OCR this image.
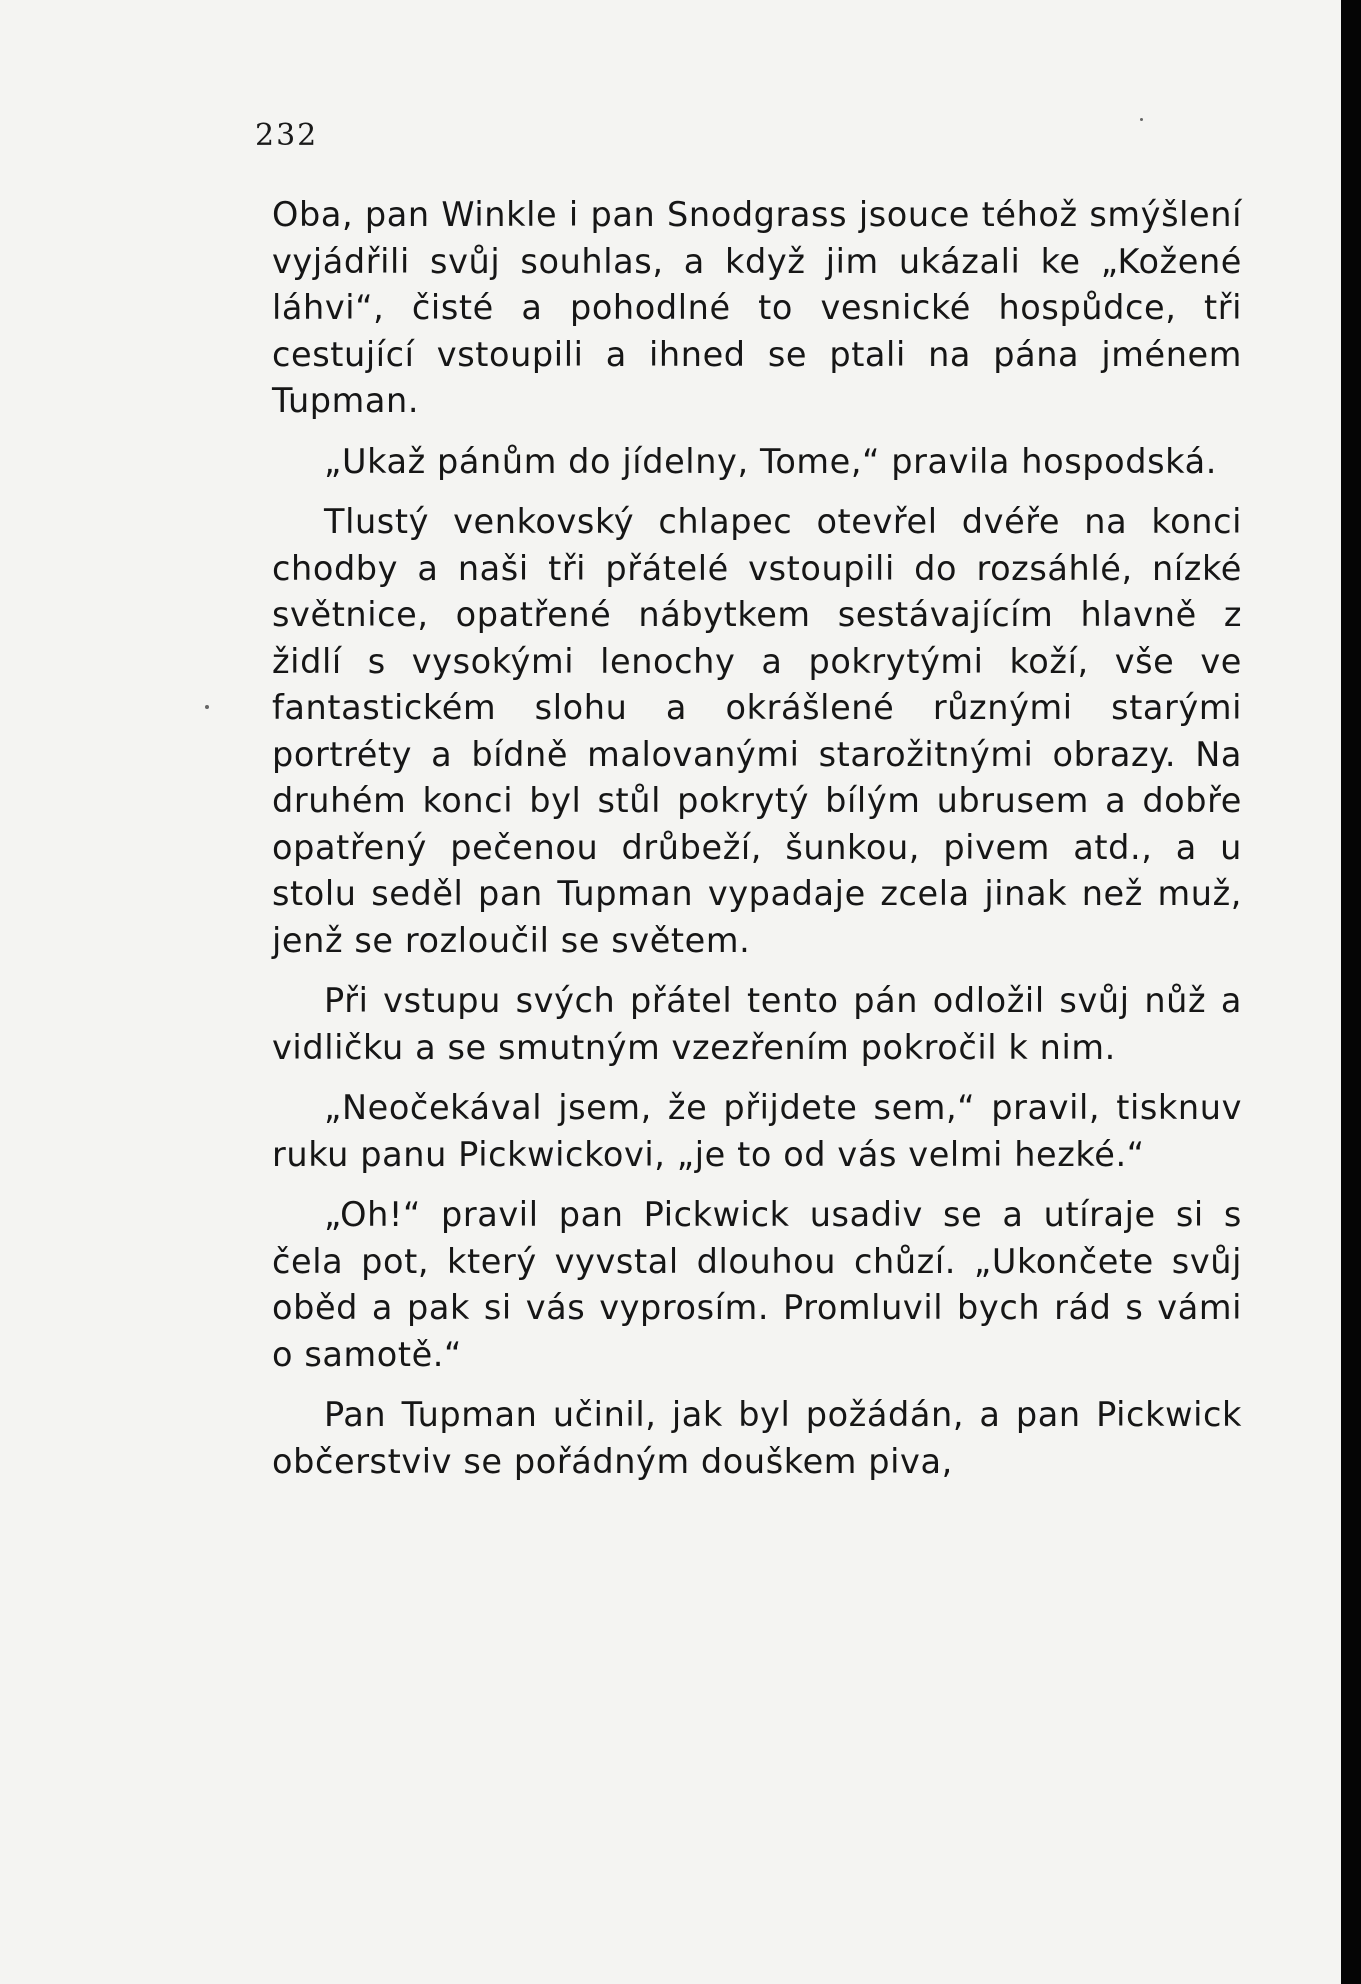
232

Oba, pan Winkle i pan Snodgrass jsouce téhož smýšlení vyjádřili svůj souhlas, a když jim ukázali ke „Kožené láhvi“, čisté a pohodlné to vesnické hospůdce, tři cestující vstoupili a ihned se ptali na pána jménem Tupman.

„Ukaž pánům do jídelny, Tome,“ pravila hospodská.

Tlustý venkovský chlapec otevřel dvéře na konci chodby a naši tři přátelé vstoupili do rozsáhlé, nízké světnice, opatřené nábytkem sestávajícím hlavně z židlí s vysokými lenochy a pokrytými koží, vše ve fantastickém slohu a okrášlené různými starými portréty a bídně malovanými starožitnými obrazy. Na druhém konci byl stůl pokrytý bílým ubrusem a dobře opatřený pečenou drůbeží, šunkou, pivem atd., a u stolu seděl pan Tupman vypadaje zcela jinak než muž, jenž se rozloučil se světem.

Při vstupu svých přátel tento pán odložil svůj nůž a vidličku a se smutným vzezřením pokročil k nim.

„Neočekával jsem, že přijdete sem,“ pravil, tisknuv ruku panu Pickwickovi, „je to od vás velmi hezké.“

„Oh!“ pravil pan Pickwick usadiv se a utíraje si s čela pot, který vyvstal dlouhou chůzí. „Ukončete svůj oběd a pak si vás vyprosím. Promluvil bych rád s vámi o samotě.“

Pan Tupman učinil, jak byl požádán, a pan Pickwick občerstviv se pořádným douškem piva,
